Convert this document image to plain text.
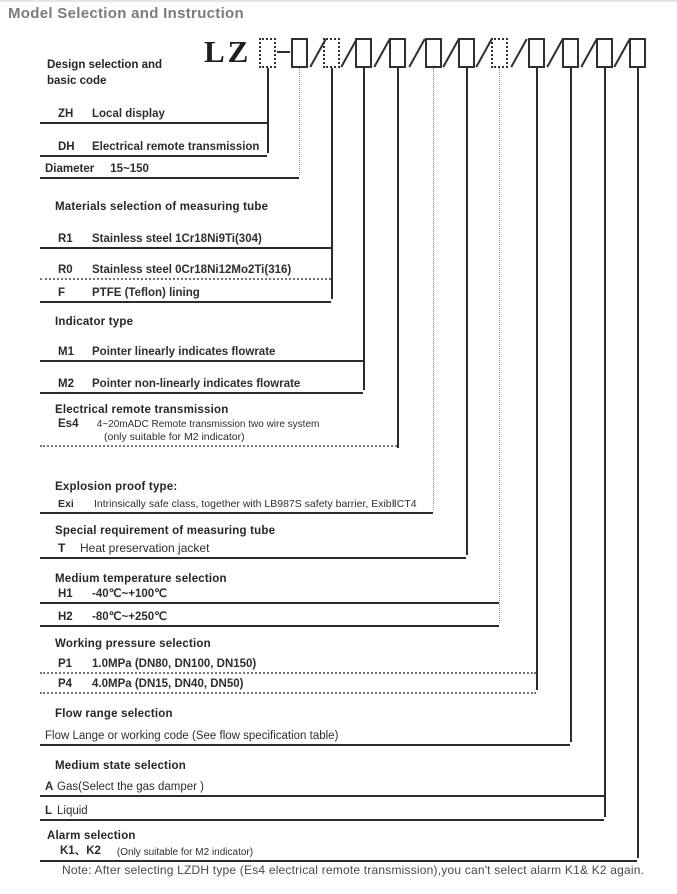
Model Selection and Instruction
LZ
Design selection and basic code
ZH	Local display
DH	Electrical remote transmission
Diameter 15~150
Materials selection of measuring tube
R1	Stainless steel 1Cr18Ni9Ti(304)
R0	Stainless steel 0Cr18Ni12Mo2Ti(316)
F	PTFE (Teflon) lining
Indicator type
M1	Pointer linearly indicates flowrate
M2	Pointer non-linearly indicates flowrate
Electrical remote transmission
Es4 4~20mADC Remote transmission two wire system
(only suitable for M2 indicator)
Explosion proof type:
Exi	Intrinsically safe class, together with LB987S safety barrier, ExibⅡCT4
Special requirement of measuring tube
T	Heat preservation jacket
Medium temperature selection
H1	-40℃~+100℃
H2	-80℃~+250℃
Working pressure selection
P1	1.0MPa (DN80, DN100, DN150)
P4	4.0MPa (DN15, DN40, DN50)
Flow range selection
Flow Lange or working code (See flow specification table)
Medium state selection
A Gas(Select the gas damper )
L Liquid
Alarm selection
K1、K2 (Only suitable for M2 indicator)
Note: After selecting LZDH type (Es4 electrical remote transmission),you can't select alarm K1& K2 again.
